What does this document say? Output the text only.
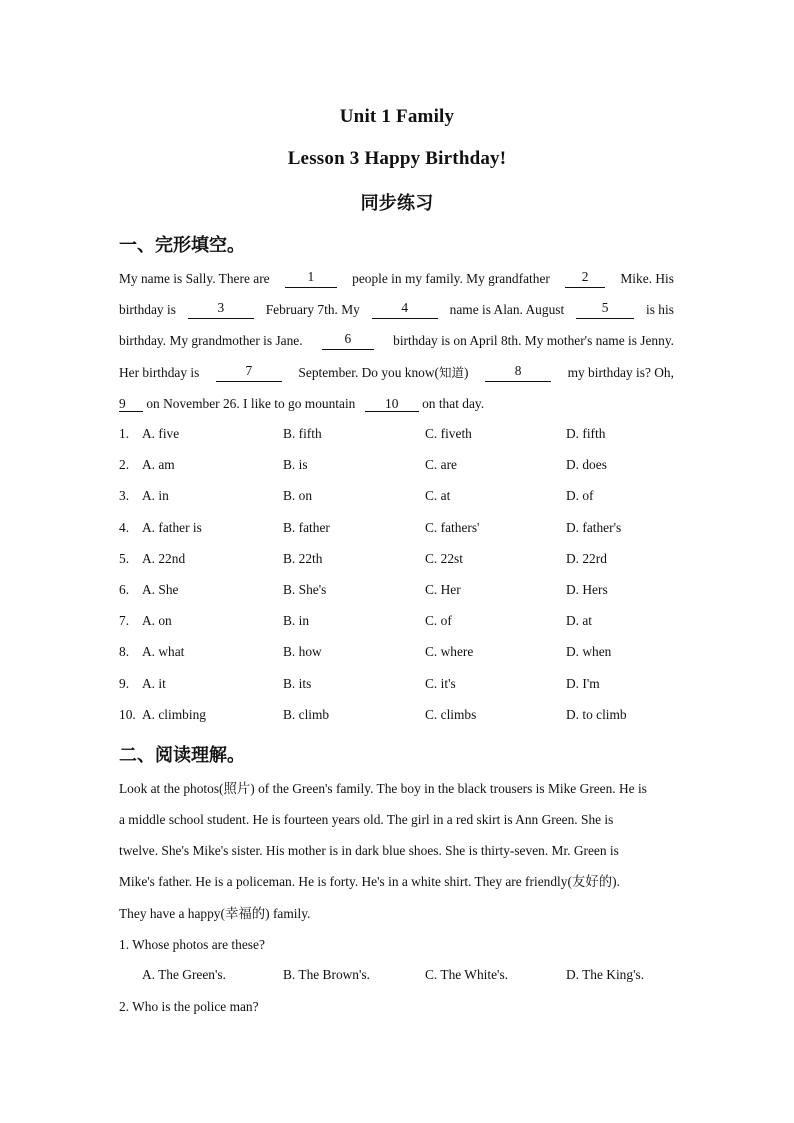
Unit 1 Family
Lesson 3 Happy Birthday!
同步练习
一、完形填空。
My name is Sally. There are	1	people in my family. My grandfather	2	Mike. His
birthday is	3	February 7th. My	4	name is Alan. August	5	is his
birthday. My grandmother is Jane.	6	birthday is on April 8th. My mother's name is Jenny.
Her birthday is	7	September. Do you know(知道)	8	my birthday is? Oh,
9 on November 26. I like to go mountain 10 on that day.
1. A. five	B. fifth	C. fiveth	D. fifth
2. A. am	B. is	C. are	D. does
3. A. in	B. on	C. at	D. of
4. A. father is	B. father	C. fathers'	D. father's
5. A. 22nd	B. 22th	C. 22st	D. 22rd
6. A. She	B. She's	C. Her	D. Hers
7. A. on	B. in	C. of	D. at
8. A. what	B. how	C. where	D. when
9. A. it	B. its	C. it's	D. I'm
10. A. climbing	B. climb	C. climbs	D. to climb
二、阅读理解。
Look at the photos(照片) of the Green's family. The boy in the black trousers is Mike Green. He is
a middle school student. He is fourteen years old. The girl in a red skirt is Ann Green. She is
twelve. She's Mike's sister. His mother is in dark blue shoes. She is thirty-seven. Mr. Green is
Mike's father. He is a policeman. He is forty. He's in a white shirt. They are friendly(友好的).
They have a happy(幸福的) family.
1. Whose photos are these?
A. The Green's.	B. The Brown's.	C. The White's.	D. The King's.
2. Who is the police man?
